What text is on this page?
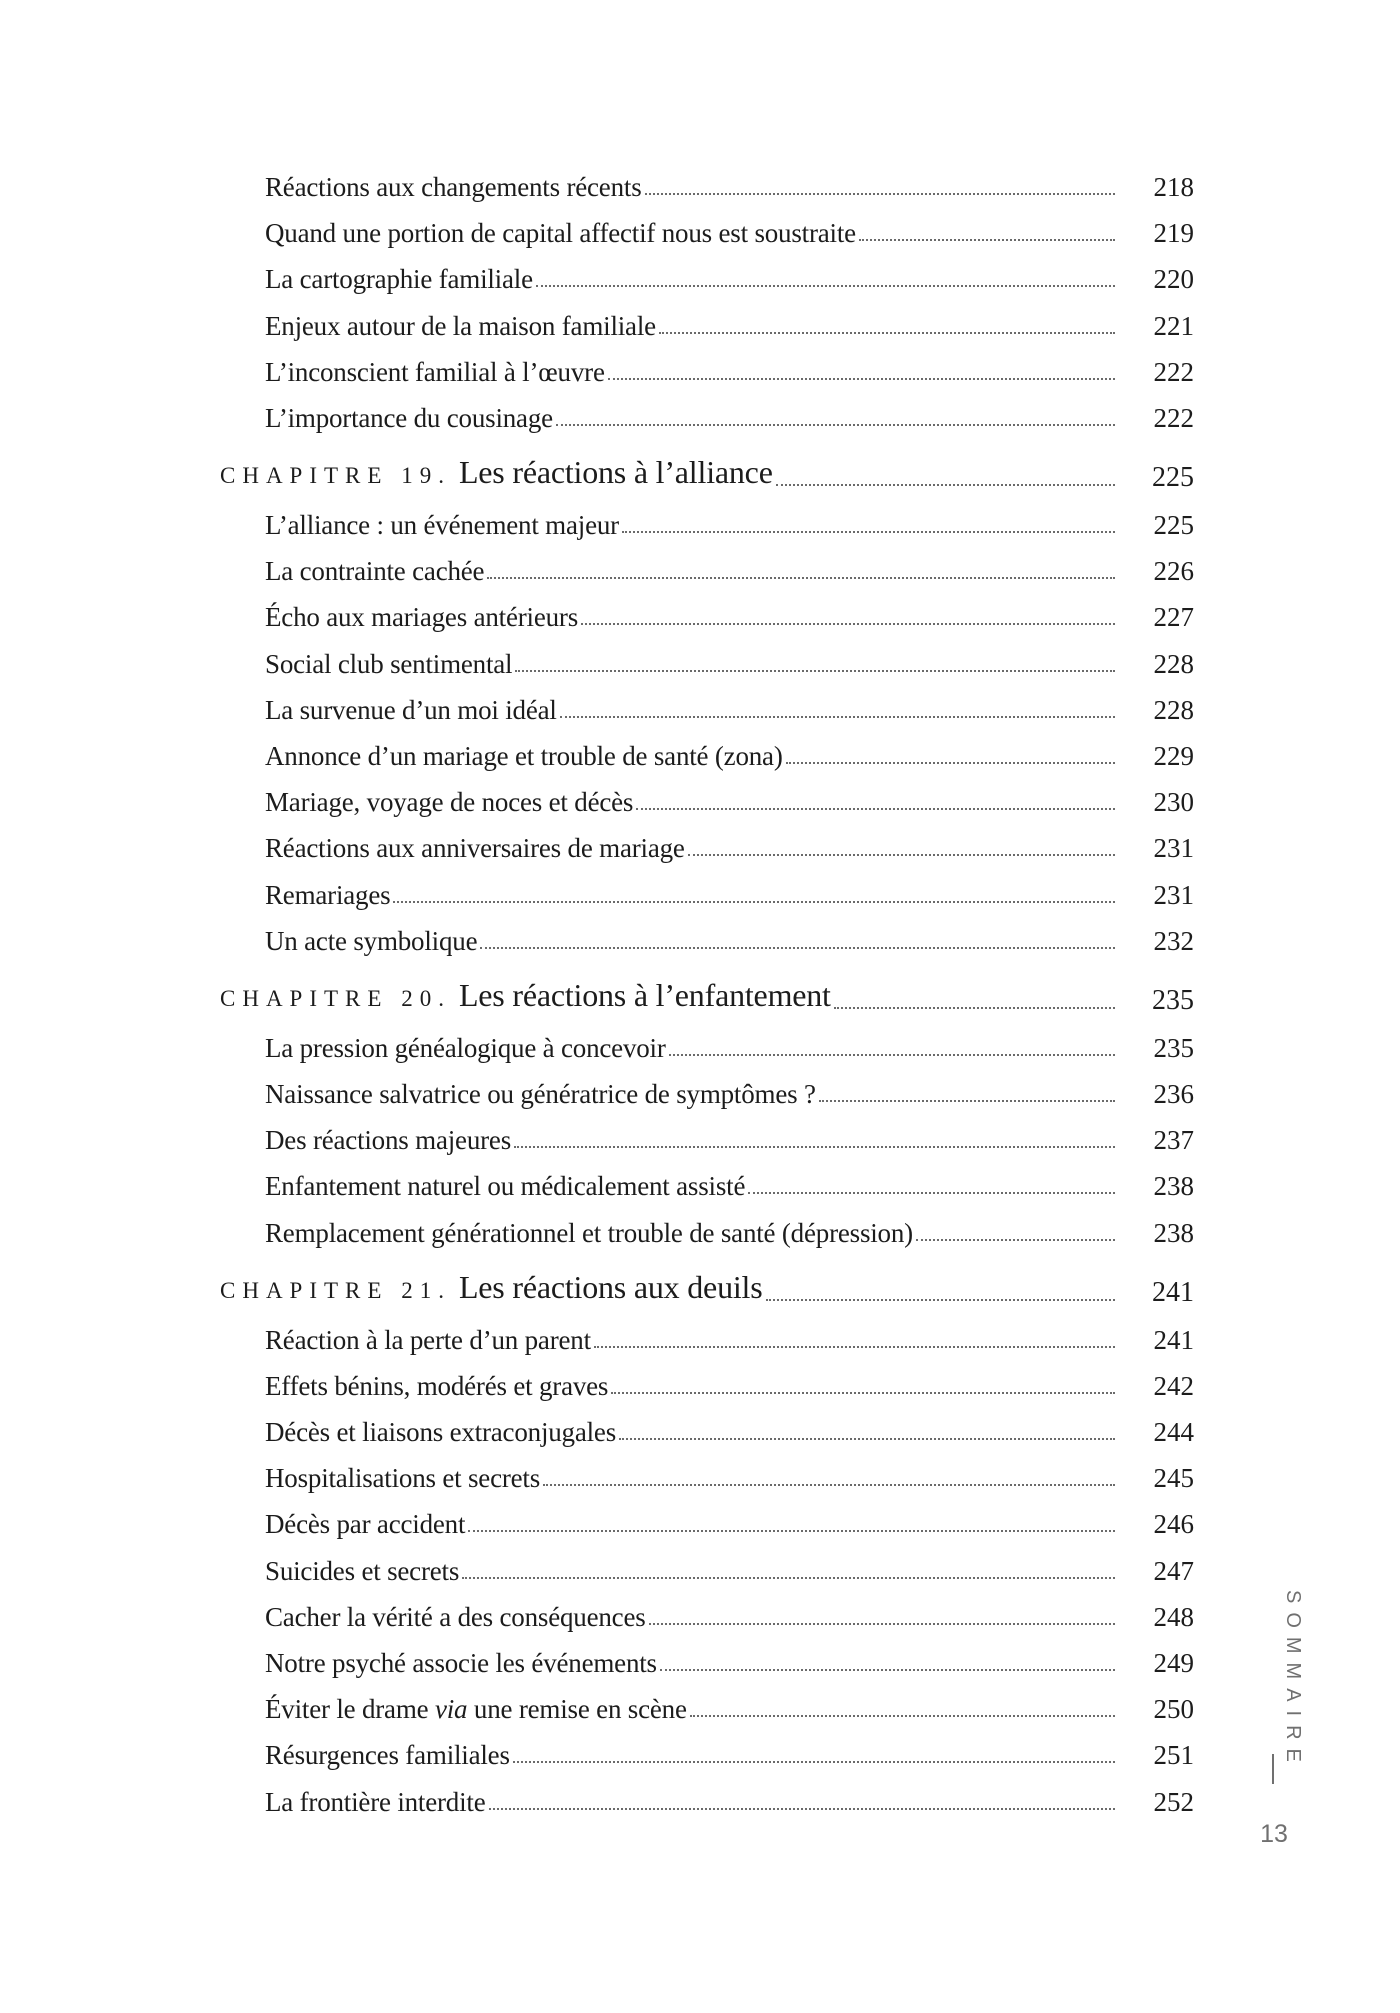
Réactions aux changements récents	218
Quand une portion de capital affectif nous est soustraite	219
La cartographie familiale	220
Enjeux autour de la maison familiale	221
L’inconscient familial à l’œuvre	222
L’importance du cousinage	222
CHAPITRE 19. Les réactions à l’alliance	225
L’alliance : un événement majeur	225
La contrainte cachée	226
Écho aux mariages antérieurs	227
Social club sentimental	228
La survenue d’un moi idéal	228
Annonce d’un mariage et trouble de santé (zona)	229
Mariage, voyage de noces et décès	230
Réactions aux anniversaires de mariage	231
Remariages	231
Un acte symbolique	232
CHAPITRE 20. Les réactions à l’enfantement	235
La pression généalogique à concevoir	235
Naissance salvatrice ou génératrice de symptômes ?	236
Des réactions majeures	237
Enfantement naturel ou médicalement assisté	238
Remplacement générationnel et trouble de santé (dépression)	238
CHAPITRE 21. Les réactions aux deuils	241
Réaction à la perte d’un parent	241
Effets bénins, modérés et graves	242
Décès et liaisons extraconjugales	244
Hospitalisations et secrets	245
Décès par accident	246
Suicides et secrets	247
Cacher la vérité a des conséquences	248
Notre psyché associe les événements	249
Éviter le drame via une remise en scène	250
Résurgences familiales	251
La frontière interdite	252
SOMMAIRE
13
